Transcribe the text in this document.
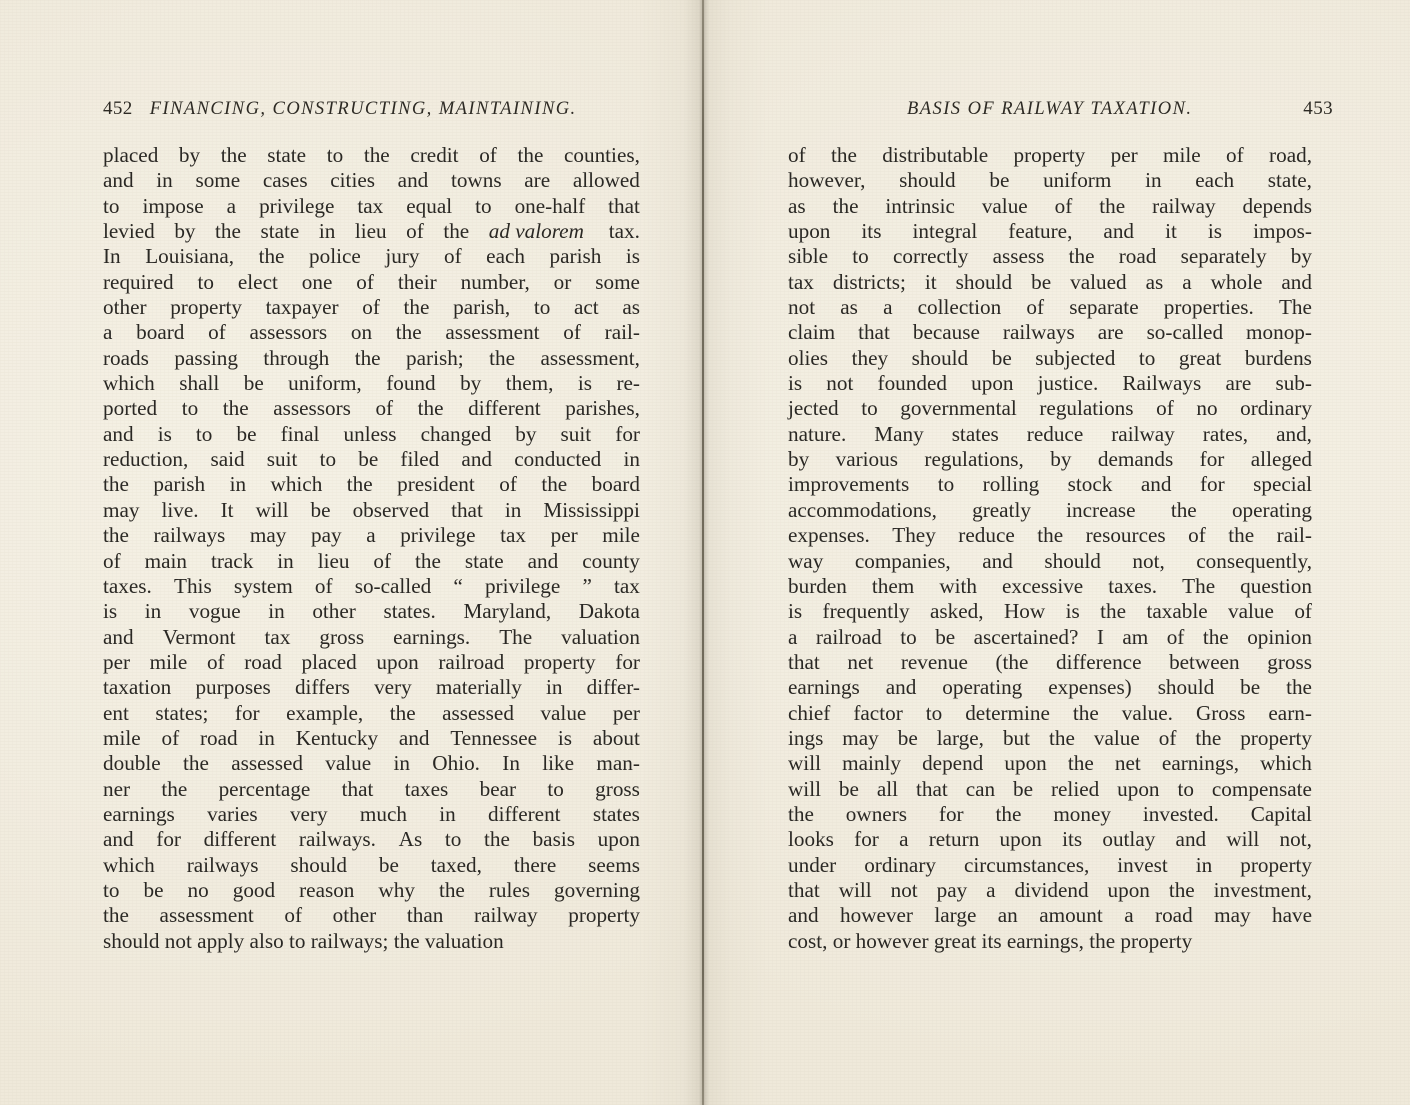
452 FINANCING, CONSTRUCTING, MAINTAINING.

placed by the state to the credit of the counties,
and in some cases cities and towns are allowed
to impose a privilege tax equal to one-half that
levied by the state in lieu of the ad valorem tax.
In Louisiana, the police jury of each parish is
required to elect one of their number, or some
other property taxpayer of the parish, to act as
a board of assessors on the assessment of rail-
roads passing through the parish; the assessment,
which shall be uniform, found by them, is re-
ported to the assessors of the different parishes,
and is to be final unless changed by suit for
reduction, said suit to be filed and conducted in
the parish in which the president of the board
may live. It will be observed that in Mississippi
the railways may pay a privilege tax per mile
of main track in lieu of the state and county
taxes. This system of so-called “ privilege ” tax
is in vogue in other states. Maryland, Dakota
and Vermont tax gross earnings. The valuation
per mile of road placed upon railroad property for
taxation purposes differs very materially in differ-
ent states; for example, the assessed value per
mile of road in Kentucky and Tennessee is about
double the assessed value in Ohio. In like man-
ner the percentage that taxes bear to gross
earnings varies very much in different states
and for different railways. As to the basis upon
which railways should be taxed, there seems
to be no good reason why the rules governing
the assessment of other than railway property
should not apply also to railways; the valuation

BASIS OF RAILWAY TAXATION.	453

of the distributable property per mile of road,
however, should be uniform in each state,
as the intrinsic value of the railway depends
upon its integral feature, and it is impos-
sible to correctly assess the road separately by
tax districts; it should be valued as a whole and
not as a collection of separate properties. The
claim that because railways are so-called monop-
olies they should be subjected to great burdens
is not founded upon justice. Railways are sub-
jected to governmental regulations of no ordinary
nature. Many states reduce railway rates, and,
by various regulations, by demands for alleged
improvements to rolling stock and for special
accommodations, greatly increase the operating
expenses. They reduce the resources of the rail-
way companies, and should not, consequently,
burden them with excessive taxes. The question
is frequently asked, How is the taxable value of
a railroad to be ascertained? I am of the opinion
that net revenue (the difference between gross
earnings and operating expenses) should be the
chief factor to determine the value. Gross earn-
ings may be large, but the value of the property
will mainly depend upon the net earnings, which
will be all that can be relied upon to compensate
the owners for the money invested. Capital
looks for a return upon its outlay and will not,
under ordinary circumstances, invest in property
that will not pay a dividend upon the investment,
and however large an amount a road may have
cost, or however great its earnings, the property
